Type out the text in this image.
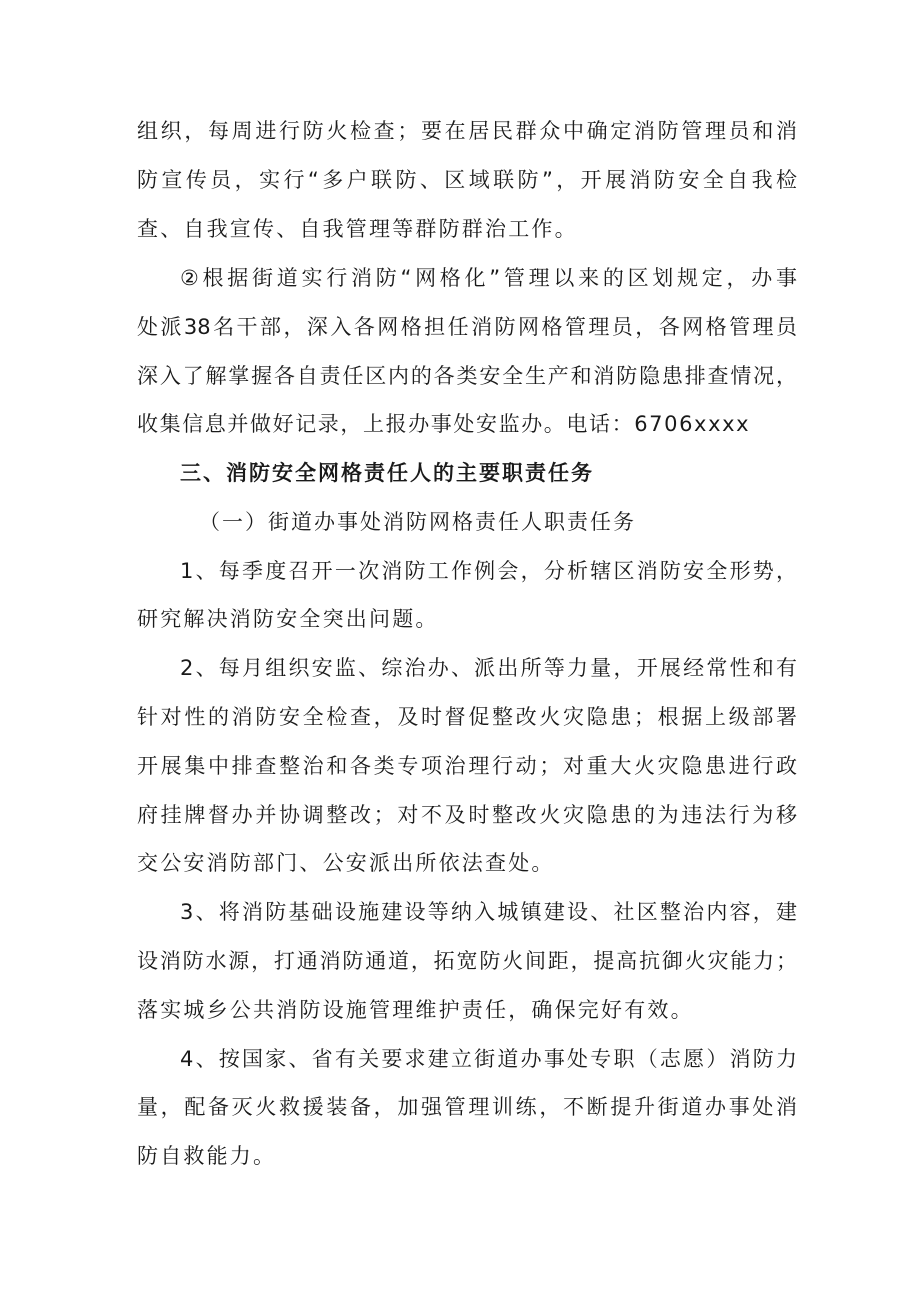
组织，每周进行防火检查；要在居民群众中确定消防管理员和消
防宣传员，实行“多户联防、区域联防”，开展消防安全自我检
查、自我宣传、自我管理等群防群治工作。
②根据街道实行消防“网格化”管理以来的区划规定，办事
处派38名干部，深入各网格担任消防网格管理员，各网格管理员
深入了解掌握各自责任区内的各类安全生产和消防隐患排查情况，
收集信息并做好记录，上报办事处安监办。电话：6706xxxx
三、消防安全网格责任人的主要职责任务
（一）街道办事处消防网格责任人职责任务
1、每季度召开一次消防工作例会，分析辖区消防安全形势，
研究解决消防安全突出问题。
2、每月组织安监、综治办、派出所等力量，开展经常性和有
针对性的消防安全检查，及时督促整改火灾隐患；根据上级部署
开展集中排查整治和各类专项治理行动；对重大火灾隐患进行政
府挂牌督办并协调整改；对不及时整改火灾隐患的为违法行为移
交公安消防部门、公安派出所依法查处。
3、将消防基础设施建设等纳入城镇建设、社区整治内容，建
设消防水源，打通消防通道，拓宽防火间距，提高抗御火灾能力；
落实城乡公共消防设施管理维护责任，确保完好有效。
4、按国家、省有关要求建立街道办事处专职（志愿）消防力
量，配备灭火救援装备，加强管理训练，不断提升街道办事处消
防自救能力。
